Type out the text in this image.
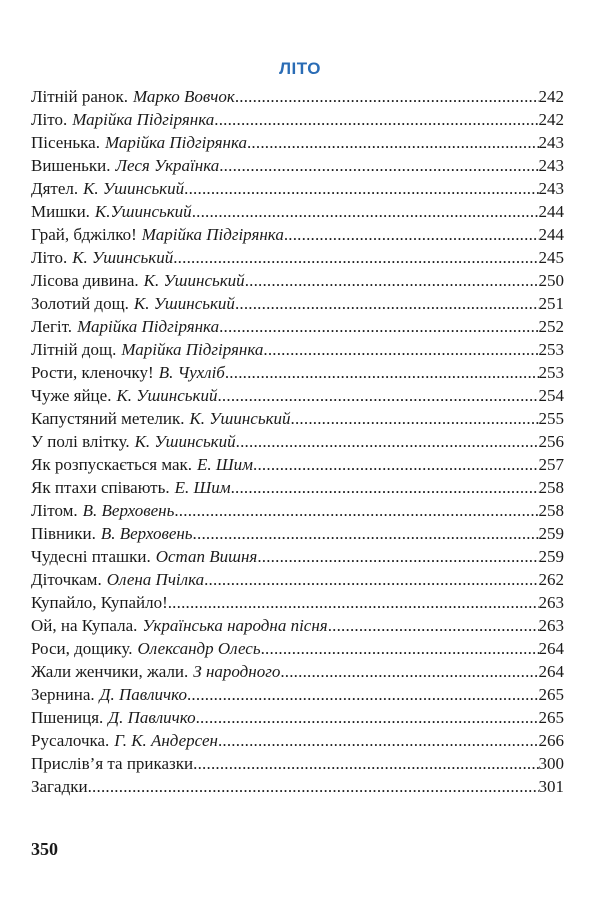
ЛІТО
Літній ранок. Марко Вовчок .....	242
Літо. Марійка Підгірянка .....	242
Пісенька. Марійка Підгірянка .....	243
Вишеньки. Леся Українка .....	243
Дятел. К. Ушинський .....	243
Мишки. К.Ушинський .....	244
Грай, бджілко! Марійка Підгірянка .....	244
Літо. К. Ушинський .....	245
Лісова дивина. К. Ушинський .....	250
Золотий дощ. К. Ушинський .....	251
Легіт. Марійка Підгірянка .....	252
Літній дощ. Марійка Підгірянка .....	253
Рости, кленочку! В. Чухліб .....	253
Чуже яйце. К. Ушинський .....	254
Капустяний метелик. К. Ушинський .....	255
У полі влітку. К. Ушинський .....	256
Як розпускається мак. Е. Шим .....	257
Як птахи співають. Е. Шим .....	258
Літом. В. Верховень .....	258
Півники. В. Верховень .....	259
Чудесні пташки. Остап Вишня .....	259
Діточкам. Олена Пчілка .....	262
Купайло, Купайло! .....	263
Ой, на Купала. Українська народна пісня .....	263
Роси, дощику. Олександр Олесь .....	264
Жали женчики, жали. З народного .....	264
Зернина. Д. Павличко .....	265
Пшениця. Д. Павличко .....	265
Русалочка. Г. К. Андерсен .....	266
Прислів’я та приказки .....	300
Загадки .....	301
350
